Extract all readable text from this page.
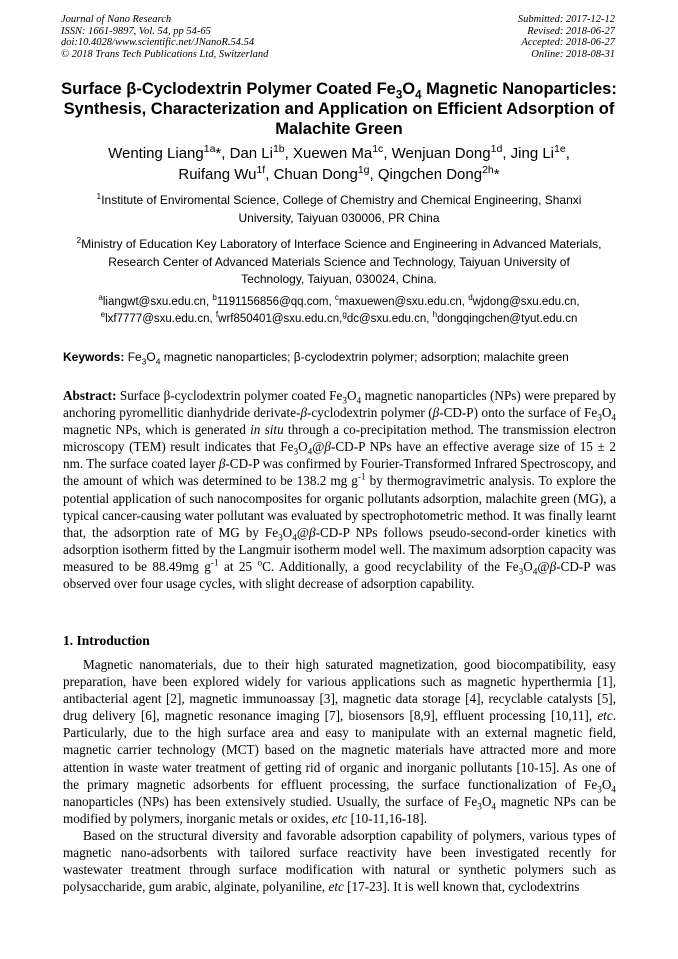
Journal of Nano Research
ISSN: 1661-9897, Vol. 54, pp 54-65
doi:10.4028/www.scientific.net/JNanoR.54.54
© 2018 Trans Tech Publications Ltd, Switzerland
Submitted: 2017-12-12
Revised: 2018-06-27
Accepted: 2018-06-27
Online: 2018-08-31
Surface β-Cyclodextrin Polymer Coated $Fe_3O_4$ Magnetic Nanoparticles:
Synthesis, Characterization and Application on Efficient Adsorption of
Malachite Green
Wenting Liang$^{1a}$*, Dan $Li^{1b}$, Xuewen $Ma^{1c}$, Wenjuan Dong$^{1d}$, Jing $Li^{1e}$,
Ruifang $Wu^{1f}$, Chuan Dong$^{1g}$, Qingchen Dong$^{2h}$*
$^1$Institute of Enviromental Science, College of Chemistry and Chemical Engineering, Shanxi
University, Taiyuan 030006, PR China
$^2$Ministry of Education Key Laboratory of Interface Science and Engineering in Advanced Materials,
Research Center of Advanced Materials Science and Technology, Taiyuan University of
Technology, Taiyuan, 030024, China.
$^a$liangwt@sxu.edu.cn, $^b$1191156856@qq.com, $^c$maxuewen@sxu.edu.cn, $^d$wjdong@sxu.edu.cn,
$^e$lxf7777@sxu.edu.cn, $^f$wrf850401@sxu.edu.cn,$^g$dc@sxu.edu.cn, $^h$dongqingchen@tyut.edu.cn
Keywords: $Fe_3O_4$ magnetic nanoparticles; β-cyclodextrin polymer; adsorption; malachite green
Abstract: Surface β-cyclodextrin polymer coated $Fe_3O_4$ magnetic nanoparticles (NPs) were prepared by anchoring pyromellitic dianhydride derivate-β-cyclodextrin polymer (β-CD-P) onto the surface of $Fe_3O_4$ magnetic NPs, which is generated in situ through a co-precipitation method. The transmission electron microscopy (TEM) result indicates that $Fe_3O_4@\beta-CD-P$ NPs have an effective average size of 15 ± 2 nm. The surface coated layer β-CD-P was confirmed by Fourier-Transformed Infrared Spectroscopy, and the amount of which was determined to be 138.2 mg $g^{-1}$ by thermogravimetric analysis. To explore the potential application of such nanocomposites for organic pollutants adsorption, malachite green (MG), a typical cancer-causing water pollutant was evaluated by spectrophotometric method. It was finally learnt that, the adsorption rate of MG by $Fe_3O_4@\beta-CD-P$ NPs follows pseudo-second-order kinetics with adsorption isotherm fitted by the Langmuir isotherm model well. The maximum adsorption capacity was measured to be 88.49mg $g^{-1}$ at 25 $^o$C. Additionally, a good recyclability of the $Fe_3O_4@\beta-CD-P$ was observed over four usage cycles, with slight decrease of adsorption capability.
1. Introduction

Magnetic nanomaterials, due to their high saturated magnetization, good biocompatibility, easy preparation, have been explored widely for various applications such as magnetic hyperthermia [1], antibacterial agent [2], magnetic immunoassay [3], magnetic data storage [4], recyclable catalysts [5], drug delivery [6], magnetic resonance imaging [7], biosensors [8,9], effluent processing [10,11], etc. Particularly, due to the high surface area and easy to manipulate with an external magnetic field, magnetic carrier technology (MCT) based on the magnetic materials have attracted more and more attention in waste water treatment of getting rid of organic and inorganic pollutants [10-15]. As one of the primary magnetic adsorbents for effluent processing, the surface functionalization of $Fe_3O_4$ nanoparticles (NPs) has been extensively studied. Usually, the surface of $Fe_3O_4$ magnetic NPs can be modified by polymers, inorganic metals or oxides, etc [10-11,16-18].

Based on the structural diversity and favorable adsorption capability of polymers, various types of magnetic nano-adsorbents with tailored surface reactivity have been investigated recently for wastewater treatment through surface modification with natural or synthetic polymers such as polysaccharide, gum arabic, alginate, polyaniline, etc [17-23]. It is well known that, cyclodextrins
